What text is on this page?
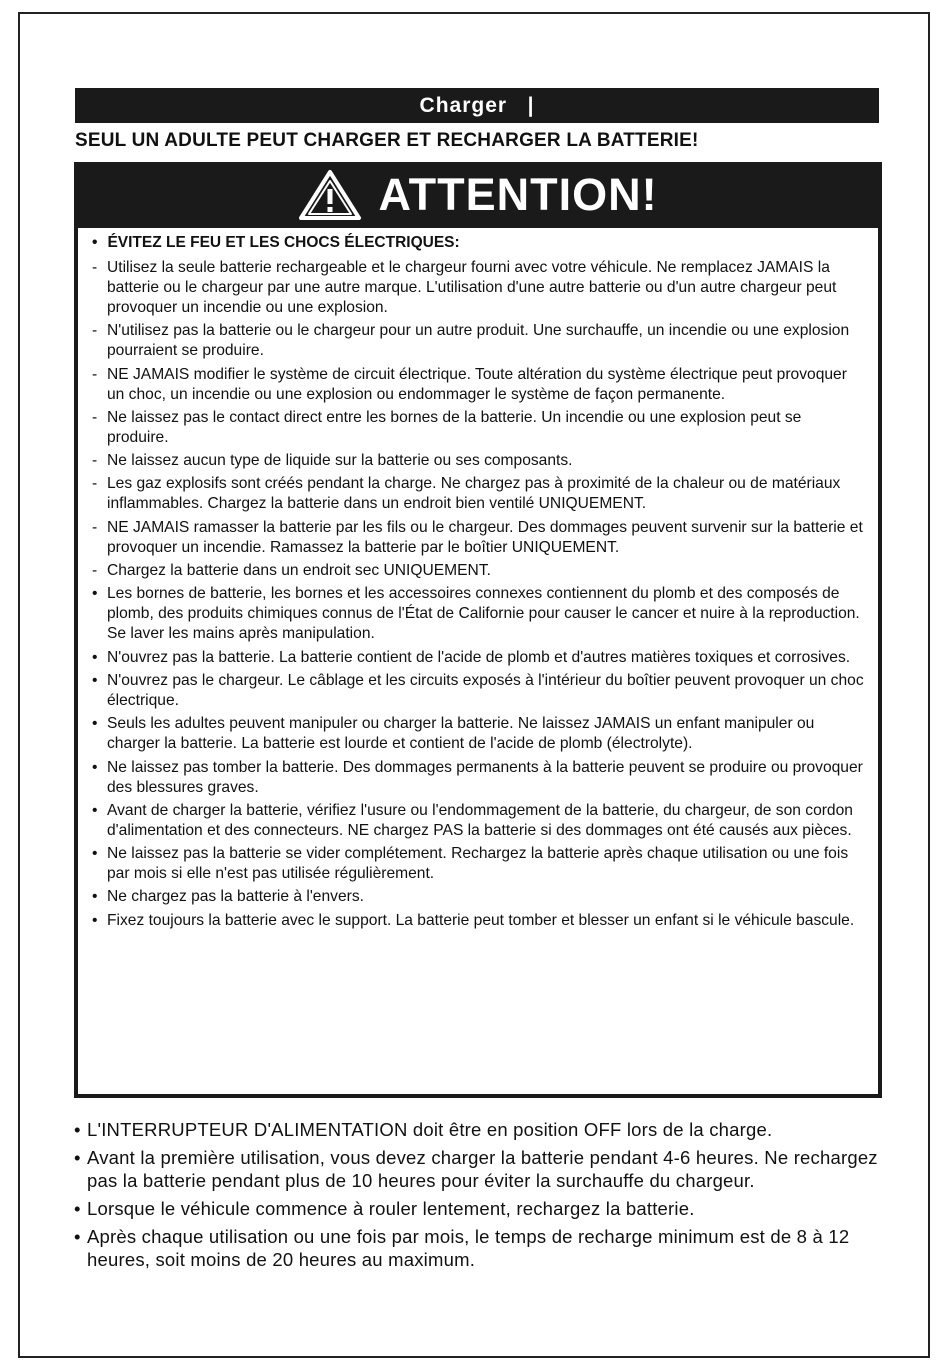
Charger   |
SEUL UN ADULTE PEUT CHARGER ET RECHARGER LA BATTERIE!
ATTENTION!
• ÉVITEZ LE FEU ET LES CHOCS ÉLECTRIQUES:
- Utilisez la seule batterie rechargeable et le chargeur fourni avec votre véhicule. Ne remplacez JAMAIS la batterie ou le chargeur par une autre marque. L'utilisation d'une autre batterie ou d'un autre chargeur peut provoquer un incendie ou une explosion.
- N'utilisez pas la batterie ou le chargeur pour un autre produit. Une surchauffe, un incendie ou une explosion pourraient se produire.
- NE JAMAIS modifier le système de circuit électrique. Toute altération du système électrique peut provoquer un choc, un incendie ou une explosion ou endommager le système de façon permanente.
- Ne laissez pas le contact direct entre les bornes de la batterie. Un incendie ou une explosion peut se produire.
- Ne laissez aucun type de liquide sur la batterie ou ses composants.
- Les gaz explosifs sont créés pendant la charge. Ne chargez pas à proximité de la chaleur ou de matériaux inflammables. Chargez la batterie dans un endroit bien ventilé UNIQUEMENT.
- NE JAMAIS ramasser la batterie par les fils ou le chargeur. Des dommages peuvent survenir sur la batterie et provoquer un incendie. Ramassez la batterie par le boîtier UNIQUEMENT.
- Chargez la batterie dans un endroit sec UNIQUEMENT.
• Les bornes de batterie, les bornes et les accessoires connexes contiennent du plomb et des composés de plomb, des produits chimiques connus de l'État de Californie pour causer le cancer et nuire à la reproduction. Se laver les mains après manipulation.
• N'ouvrez pas la batterie. La batterie contient de l'acide de plomb et d'autres matières toxiques et corrosives.
• N'ouvrez pas le chargeur. Le câblage et les circuits exposés à l'intérieur du boîtier peuvent provoquer un choc électrique.
• Seuls les adultes peuvent manipuler ou charger la batterie. Ne laissez JAMAIS un enfant manipuler ou charger la batterie. La batterie est lourde et contient de l'acide de plomb (électrolyte).
• Ne laissez pas tomber la batterie. Des dommages permanents à la batterie peuvent se produire ou provoquer des blessures graves.
• Avant de charger la batterie, vérifiez l'usure ou l'endommagement de la batterie, du chargeur, de son cordon d'alimentation et des connecteurs. NE chargez PAS la batterie si des dommages ont été causés aux pièces.
• Ne laissez pas la batterie se vider complétement. Rechargez la batterie après chaque utilisation ou une fois par mois si elle n'est pas utilisée régulièrement.
• Ne chargez pas la batterie à l'envers.
• Fixez toujours la batterie avec le support. La batterie peut tomber et blesser un enfant si le véhicule bascule.
• L'INTERRUPTEUR D'ALIMENTATION doit être en position OFF lors de la charge.
• Avant la première utilisation, vous devez charger la batterie pendant 4-6 heures. Ne rechargez pas la batterie pendant plus de 10 heures pour éviter la surchauffe du chargeur.
• Lorsque le véhicule commence à rouler lentement, rechargez la batterie.
• Après chaque utilisation ou une fois par mois, le temps de recharge minimum est de 8 à 12 heures, soit moins de 20 heures au maximum.
